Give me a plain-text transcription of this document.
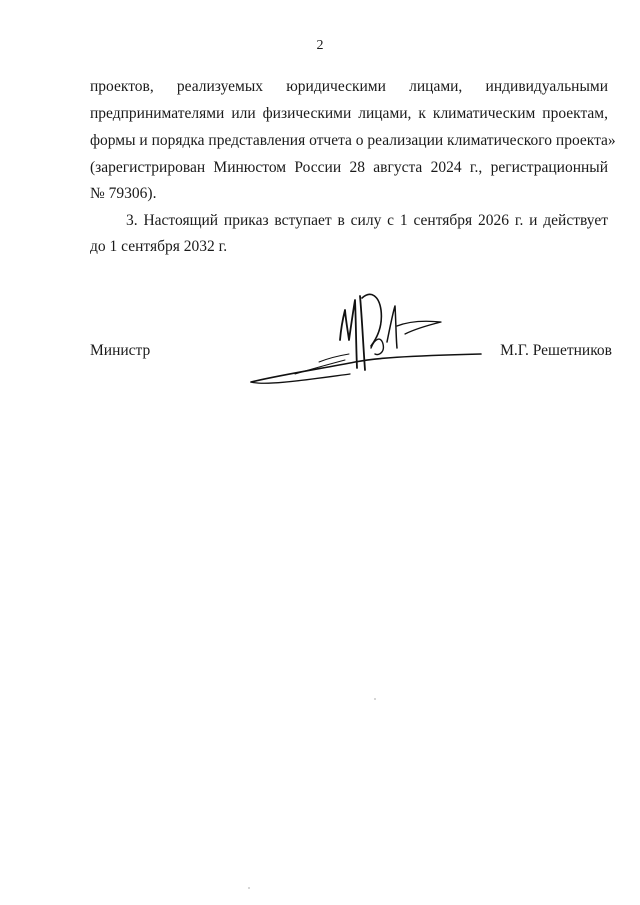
2
проектов, реализуемых юридическими лицами, индивидуальными
предпринимателями или физическими лицами, к климатическим проектам,
формы и порядка представления отчета о реализации климатического проекта»
(зарегистрирован Минюстом России 28 августа 2024 г., регистрационный
№ 79306).
3. Настоящий приказ вступает в силу с 1 сентября 2026 г. и действует
до 1 сентября 2032 г.
Министр	М.Г. Решетников
